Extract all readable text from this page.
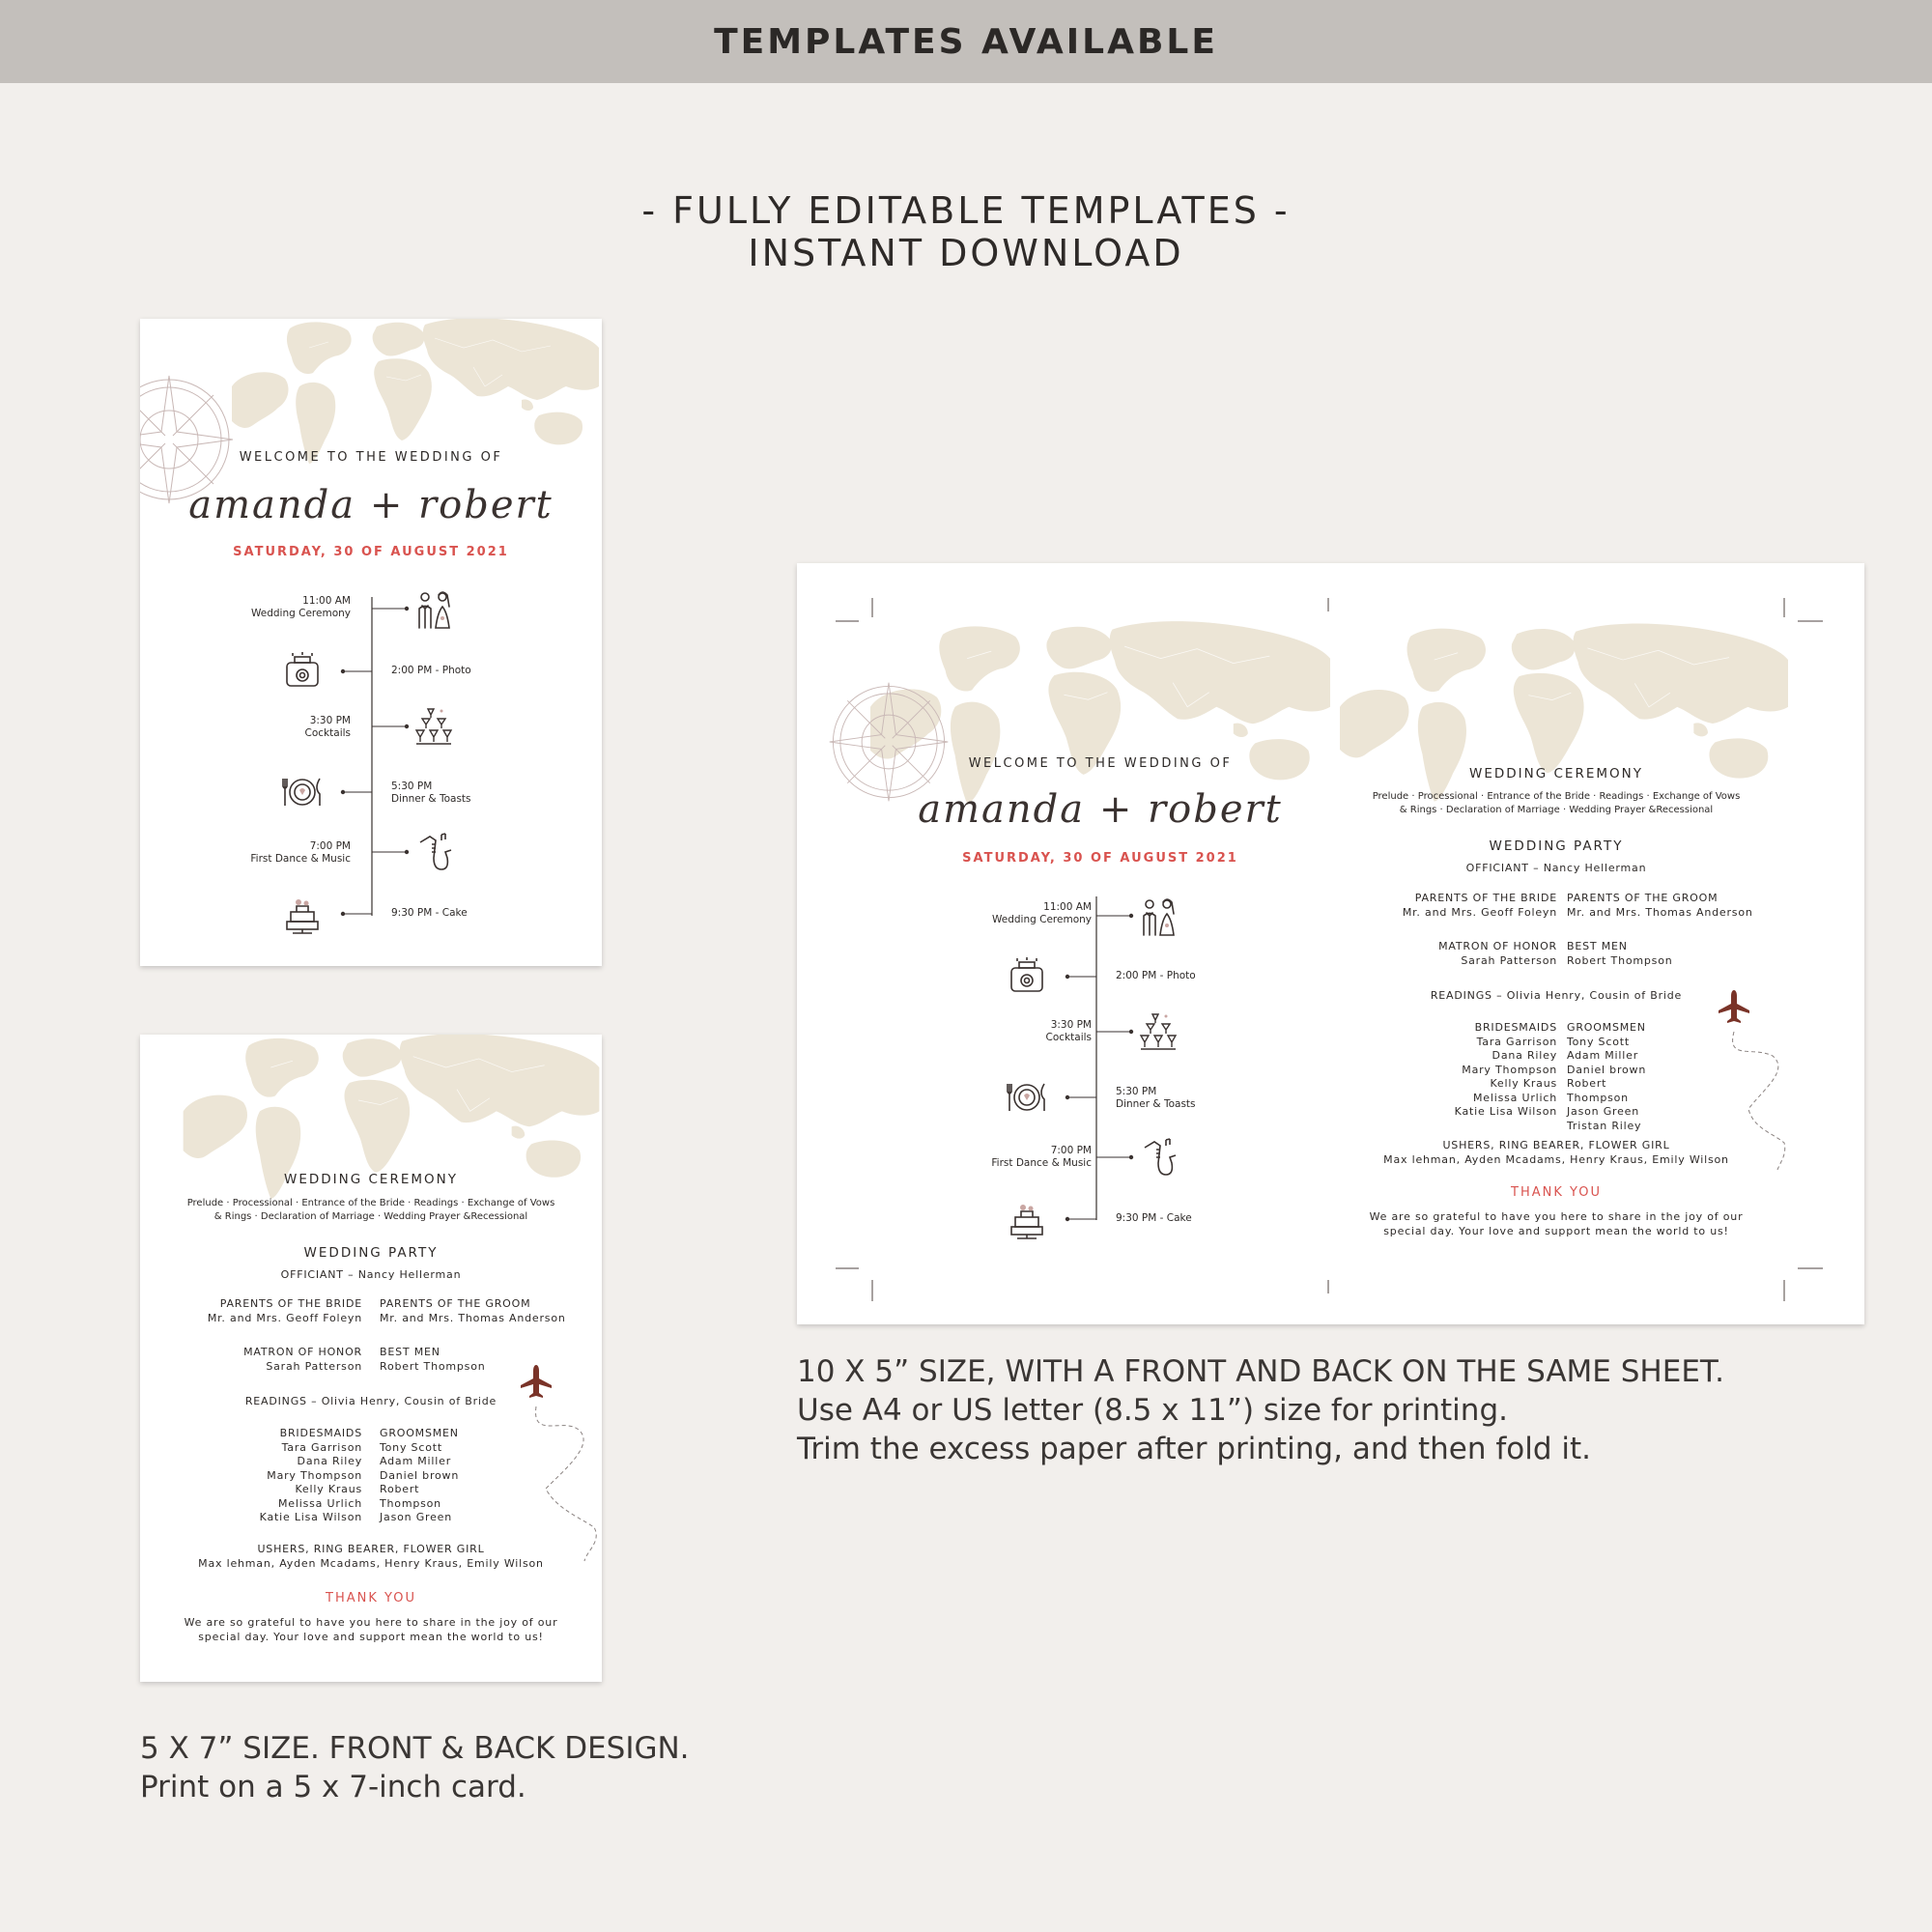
TEMPLATES AVAILABLE
- FULLY EDITABLE TEMPLATES -
INSTANT DOWNLOAD
WELCOME TO THE WEDDING OF
amanda + robert
SATURDAY, 30 OF AUGUST 2021
11:00 AM
Wedding Ceremony
2:00 PM - Photo
3:30 PM
Cocktails
5:30 PM
Dinner & Toasts
7:00 PM
First Dance & Music
9:30 PM - Cake
WEDDING CEREMONY
Prelude · Processional · Entrance of the Bride · Readings · Exchange of Vows
& Rings · Declaration of Marriage · Wedding Prayer &Recessional
WEDDING PARTY
OFFICIANT – Nancy Hellerman
PARENTS OF THE BRIDE
Mr. and Mrs. Geoff Foleyn
PARENTS OF THE GROOM
Mr. and Mrs. Thomas Anderson
MATRON OF HONOR
Sarah Patterson
BEST MEN
Robert Thompson
READINGS – Olivia Henry, Cousin of Bride
BRIDESMAIDS
Tara Garrison
Dana Riley
Mary Thompson
Kelly Kraus
Melissa Urlich
Katie Lisa Wilson
GROOMSMEN
Tony Scott
Adam Miller
Daniel brown
Robert
Thompson
Jason Green
USHERS, RING BEARER, FLOWER GIRL
Max lehman, Ayden Mcadams, Henry Kraus, Emily Wilson
THANK YOU
We are so grateful to have you here to share in the joy of our
special day. Your love and support mean the world to us!
WELCOME TO THE WEDDING OF
amanda + robert
SATURDAY, 30 OF AUGUST 2021
11:00 AM
Wedding Ceremony
2:00 PM - Photo
3:30 PM
Cocktails
5:30 PM
Dinner & Toasts
7:00 PM
First Dance & Music
9:30 PM - Cake
WEDDING CEREMONY
Prelude · Processional · Entrance of the Bride · Readings · Exchange of Vows
& Rings · Declaration of Marriage · Wedding Prayer &Recessional
WEDDING PARTY
OFFICIANT – Nancy Hellerman
PARENTS OF THE BRIDE
Mr. and Mrs. Geoff Foleyn
PARENTS OF THE GROOM
Mr. and Mrs. Thomas Anderson
MATRON OF HONOR
Sarah Patterson
BEST MEN
Robert Thompson
READINGS – Olivia Henry, Cousin of Bride
BRIDESMAIDS
Tara Garrison
Dana Riley
Mary Thompson
Kelly Kraus
Melissa Urlich
Katie Lisa Wilson
GROOMSMEN
Tony Scott
Adam Miller
Daniel brown
Robert
Thompson
Jason Green
Tristan Riley
USHERS, RING BEARER, FLOWER GIRL
Max lehman, Ayden Mcadams, Henry Kraus, Emily Wilson
THANK YOU
We are so grateful to have you here to share in the joy of our
special day. Your love and support mean the world to us!
10 X 5” SIZE, WITH A FRONT AND BACK ON THE SAME SHEET.
Use A4 or US letter (8.5 x 11”) size for printing.
Trim the excess paper after printing, and then fold it.
5 X 7” SIZE. FRONT & BACK DESIGN.
Print on a 5 x 7-inch card.
